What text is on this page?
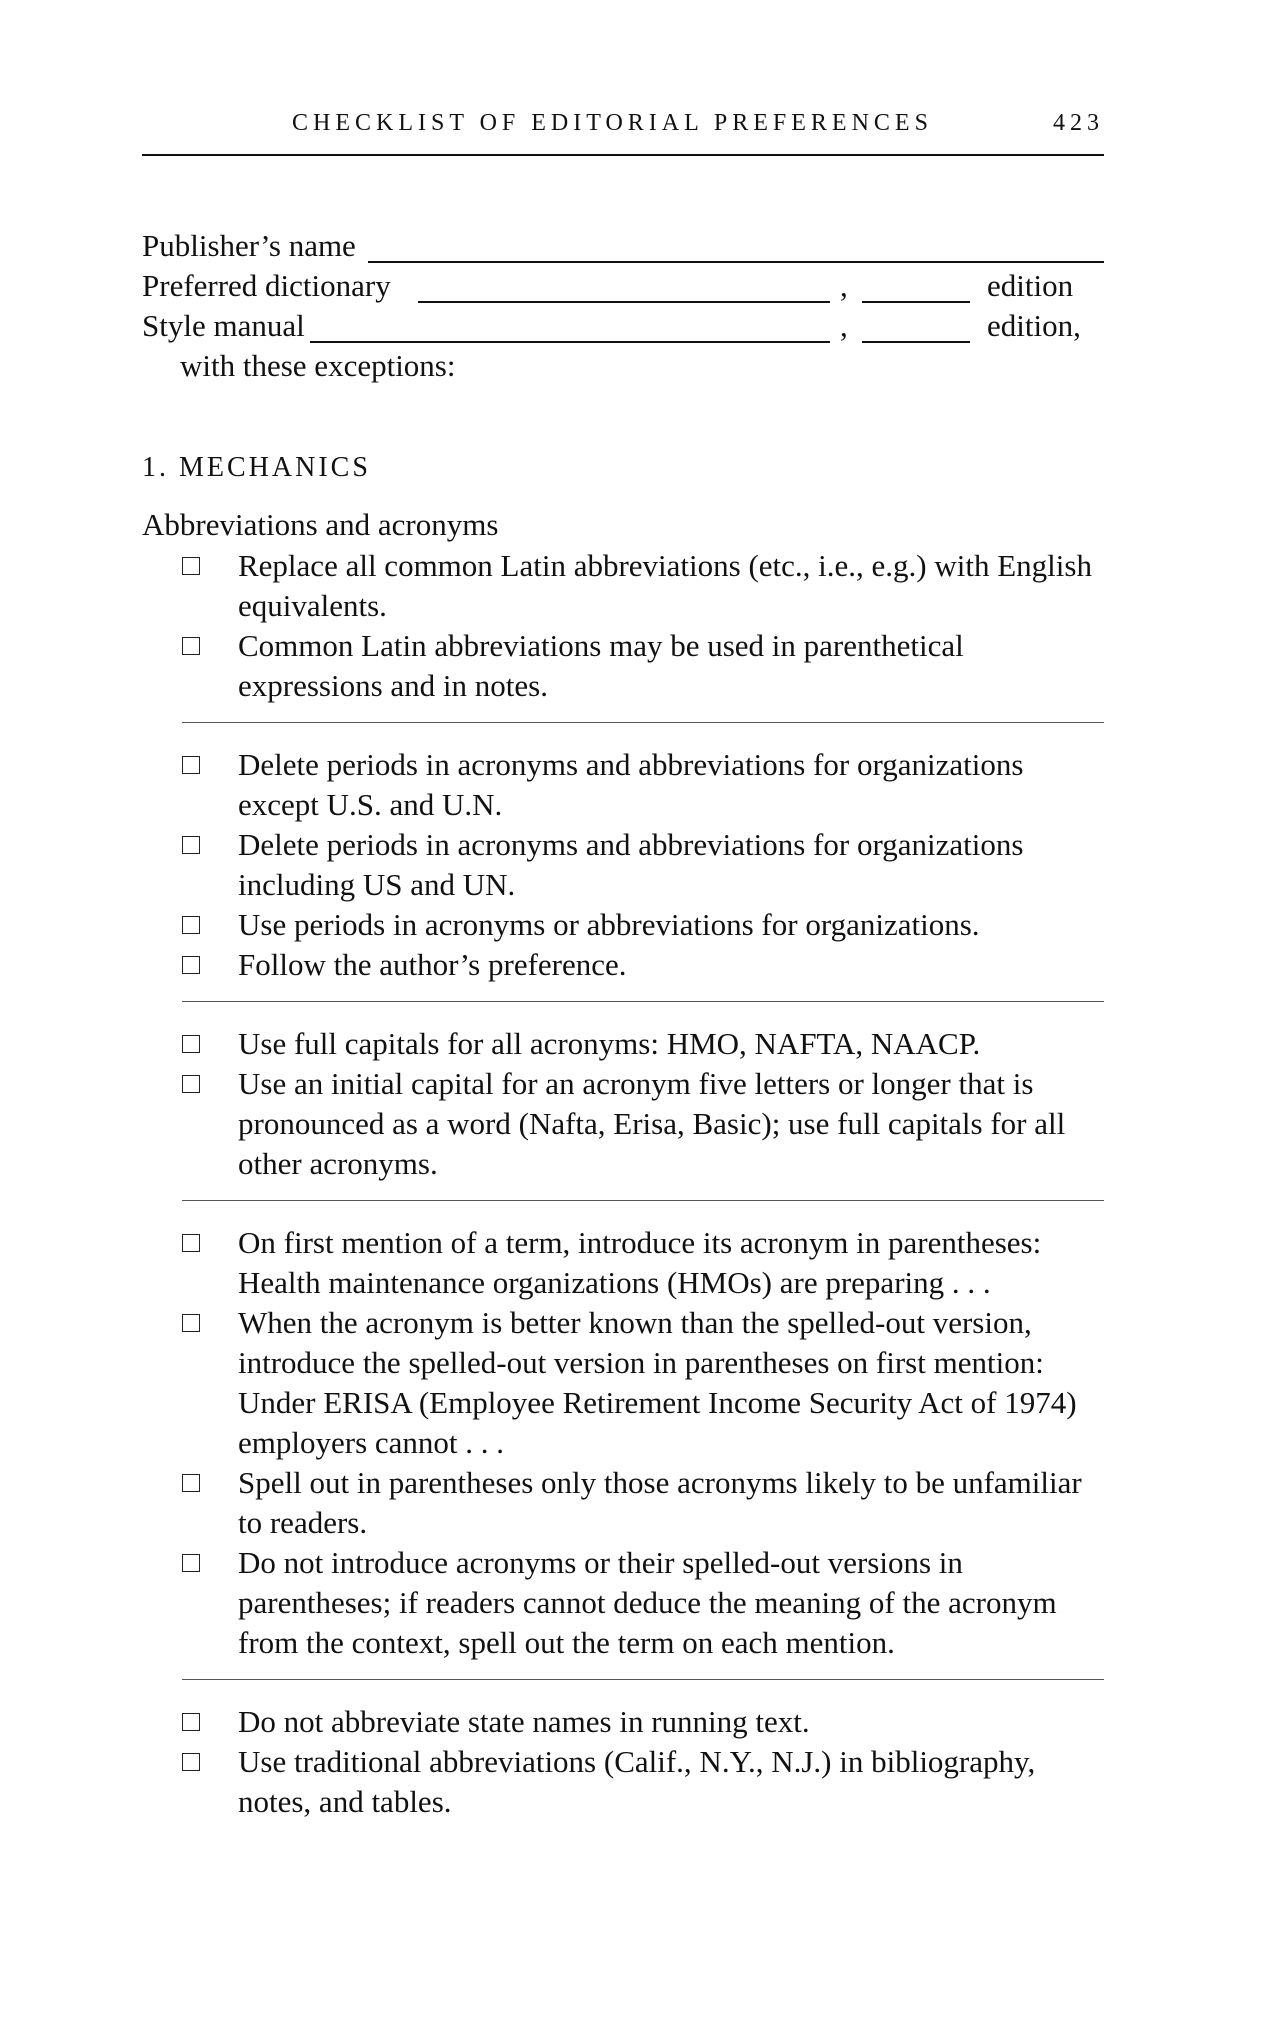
CHECKLIST OF EDITORIAL PREFERENCES	423
Publisher’s name
Preferred dictionary	,	edition
Style manual	,	edition,
with these exceptions:
1. MECHANICS
Abbreviations and acronyms
Replace all common Latin abbreviations (etc., i.e., e.g.) with English equivalents.
Common Latin abbreviations may be used in parenthetical expressions and in notes.
Delete periods in acronyms and abbreviations for organizations except U.S. and U.N.
Delete periods in acronyms and abbreviations for organizations including US and UN.
Use periods in acronyms or abbreviations for organizations.
Follow the author’s preference.
Use full capitals for all acronyms: HMO, NAFTA, NAACP.
Use an initial capital for an acronym five letters or longer that is pronounced as a word (Nafta, Erisa, Basic); use full capitals for all other acronyms.
On first mention of a term, introduce its acronym in parentheses: Health maintenance organizations (HMOs) are preparing . . .
When the acronym is better known than the spelled-out version, introduce the spelled-out version in parentheses on first mention: Under ERISA (Employee Retirement Income Security Act of 1974) employers cannot . . .
Spell out in parentheses only those acronyms likely to be unfamiliar to readers.
Do not introduce acronyms or their spelled-out versions in parentheses; if readers cannot deduce the meaning of the acronym from the context, spell out the term on each mention.
Do not abbreviate state names in running text.
Use traditional abbreviations (Calif., N.Y., N.J.) in bibliography, notes, and tables.
